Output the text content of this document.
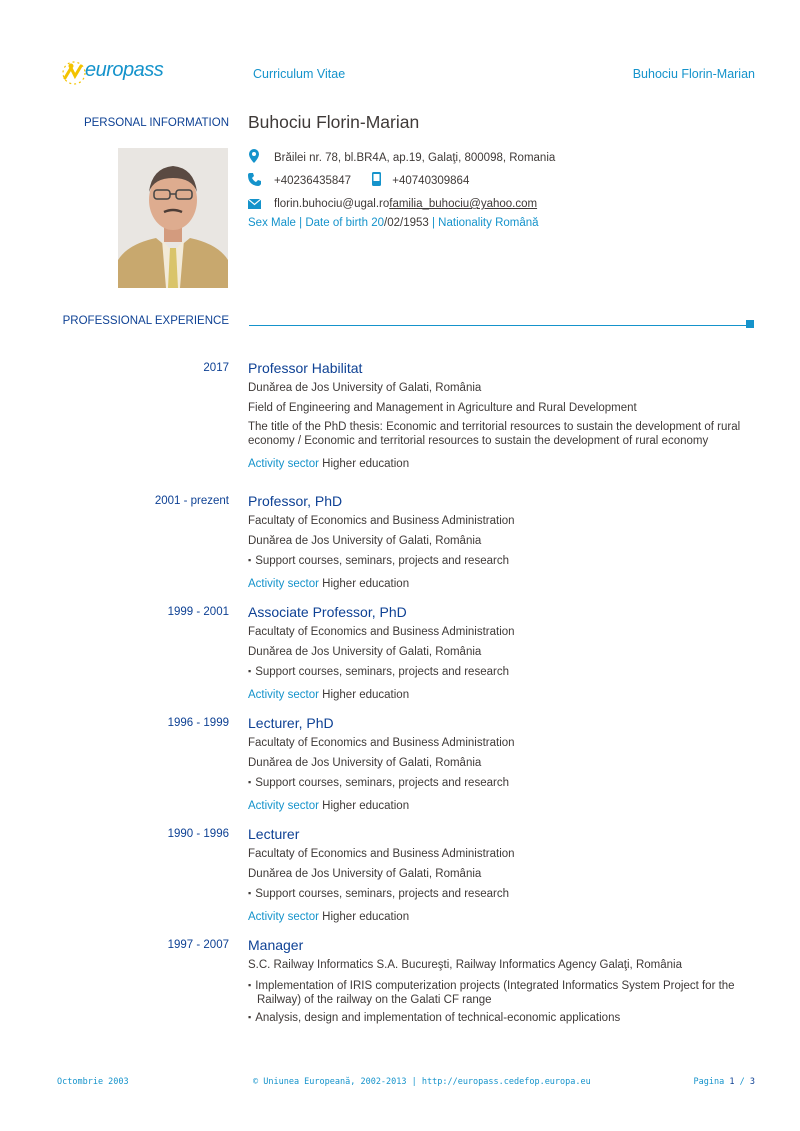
europass	Curriculum Vitae	Buhociu Florin-Marian
PERSONAL INFORMATION Buhociu Florin-Marian
Brăilei nr. 78, bl.BR4A, ap.19, Galaţi, 800098, Romania
+40236435847	+40740309864
florin.buhociu@ugal.rofamilia_buhociu@yahoo.com
Sex Male | Date of birth 20/02/1953 | Nationality Română
PROFESSIONAL EXPERIENCE
2017 Professor Habilitat
Dunărea de Jos University of Galati, România
Field of Engineering and Management in Agriculture and Rural Development
The title of the PhD thesis: Economic and territorial resources to sustain the development of rural economy / Economic and territorial resources to sustain the development of rural economy
Activity sector Higher education
2001 - prezent Professor, PhD
Facultaty of Economics and Business Administration
Dunărea de Jos University of Galati, România
▪ Support courses, seminars, projects and research
Activity sector Higher education
1999 - 2001 Associate Professor, PhD
Facultaty of Economics and Business Administration
Dunărea de Jos University of Galati, România
▪ Support courses, seminars, projects and research
Activity sector Higher education
1996 - 1999 Lecturer, PhD
Facultaty of Economics and Business Administration
Dunărea de Jos University of Galati, România
▪ Support courses, seminars, projects and research
Activity sector Higher education
1990 - 1996 Lecturer
Facultaty of Economics and Business Administration
Dunărea de Jos University of Galati, România
▪ Support courses, seminars, projects and research
Activity sector Higher education
1997 - 2007 Manager
S.C. Railway Informatics S.A. Bucureşti, Railway Informatics Agency Galaţi, România
▪ Implementation of IRIS computerization projects (Integrated Informatics System Project for the Railway) of the railway on the Galati CF range
▪ Analysis, design and implementation of technical-economic applications
Octombrie 2003	© Uniunea Europeană, 2002-2013 | http://europass.cedefop.europa.eu	Pagina 1 / 3
